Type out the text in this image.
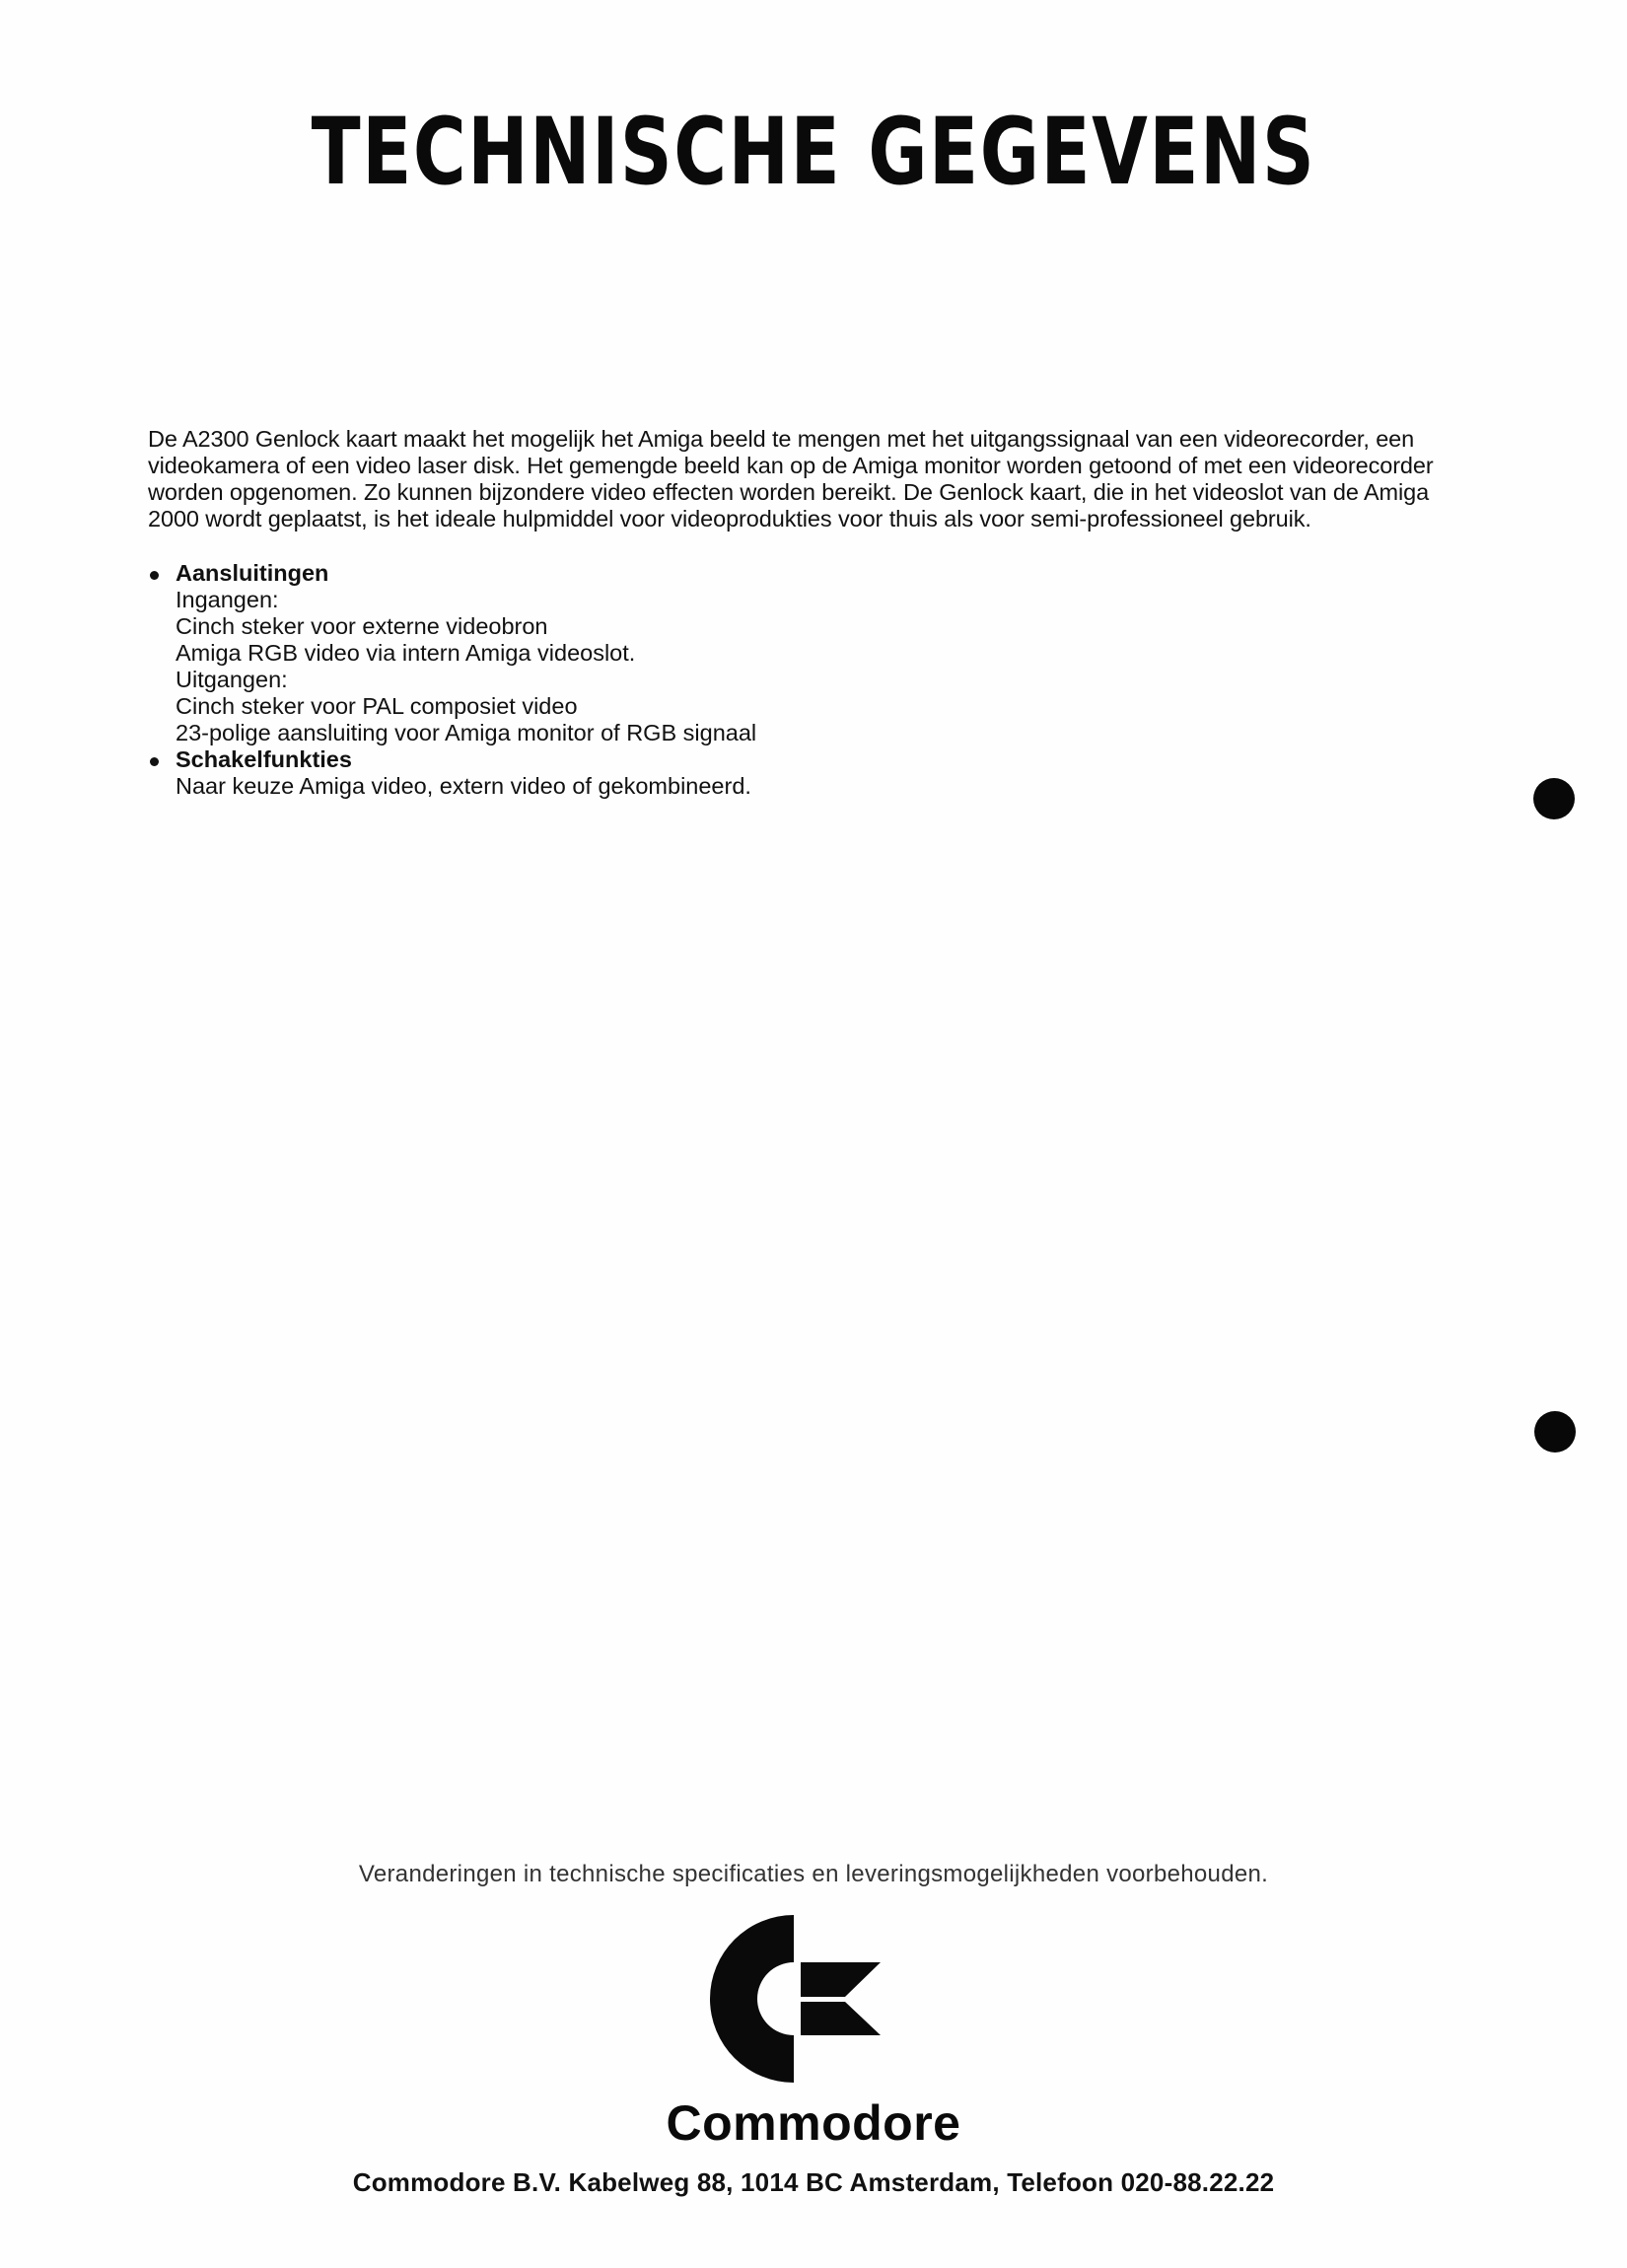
TECHNISCHE GEGEVENS
De A2300 Genlock kaart maakt het mogelijk het Amiga beeld te mengen met het uitgangssignaal van een videorecorder, een
videokamera of een video laser disk. Het gemengde beeld kan op de Amiga monitor worden getoond of met een videorecorder
worden opgenomen. Zo kunnen bijzondere video effecten worden bereikt. De Genlock kaart, die in het videoslot van de Amiga
2000 wordt geplaatst, is het ideale hulpmiddel voor videoprodukties voor thuis als voor semi-professioneel gebruik.
Aansluitingen
Ingangen:
Cinch steker voor externe videobron
Amiga RGB video via intern Amiga videoslot.
Uitgangen:
Cinch steker voor PAL composiet video
23-polige aansluiting voor Amiga monitor of RGB signaal
Schakelfunkties
Naar keuze Amiga video, extern video of gekombineerd.
Veranderingen in technische specificaties en leveringsmogelijkheden voorbehouden.
Commodore
Commodore B.V. Kabelweg 88, 1014 BC Amsterdam, Telefoon 020-88.22.22
